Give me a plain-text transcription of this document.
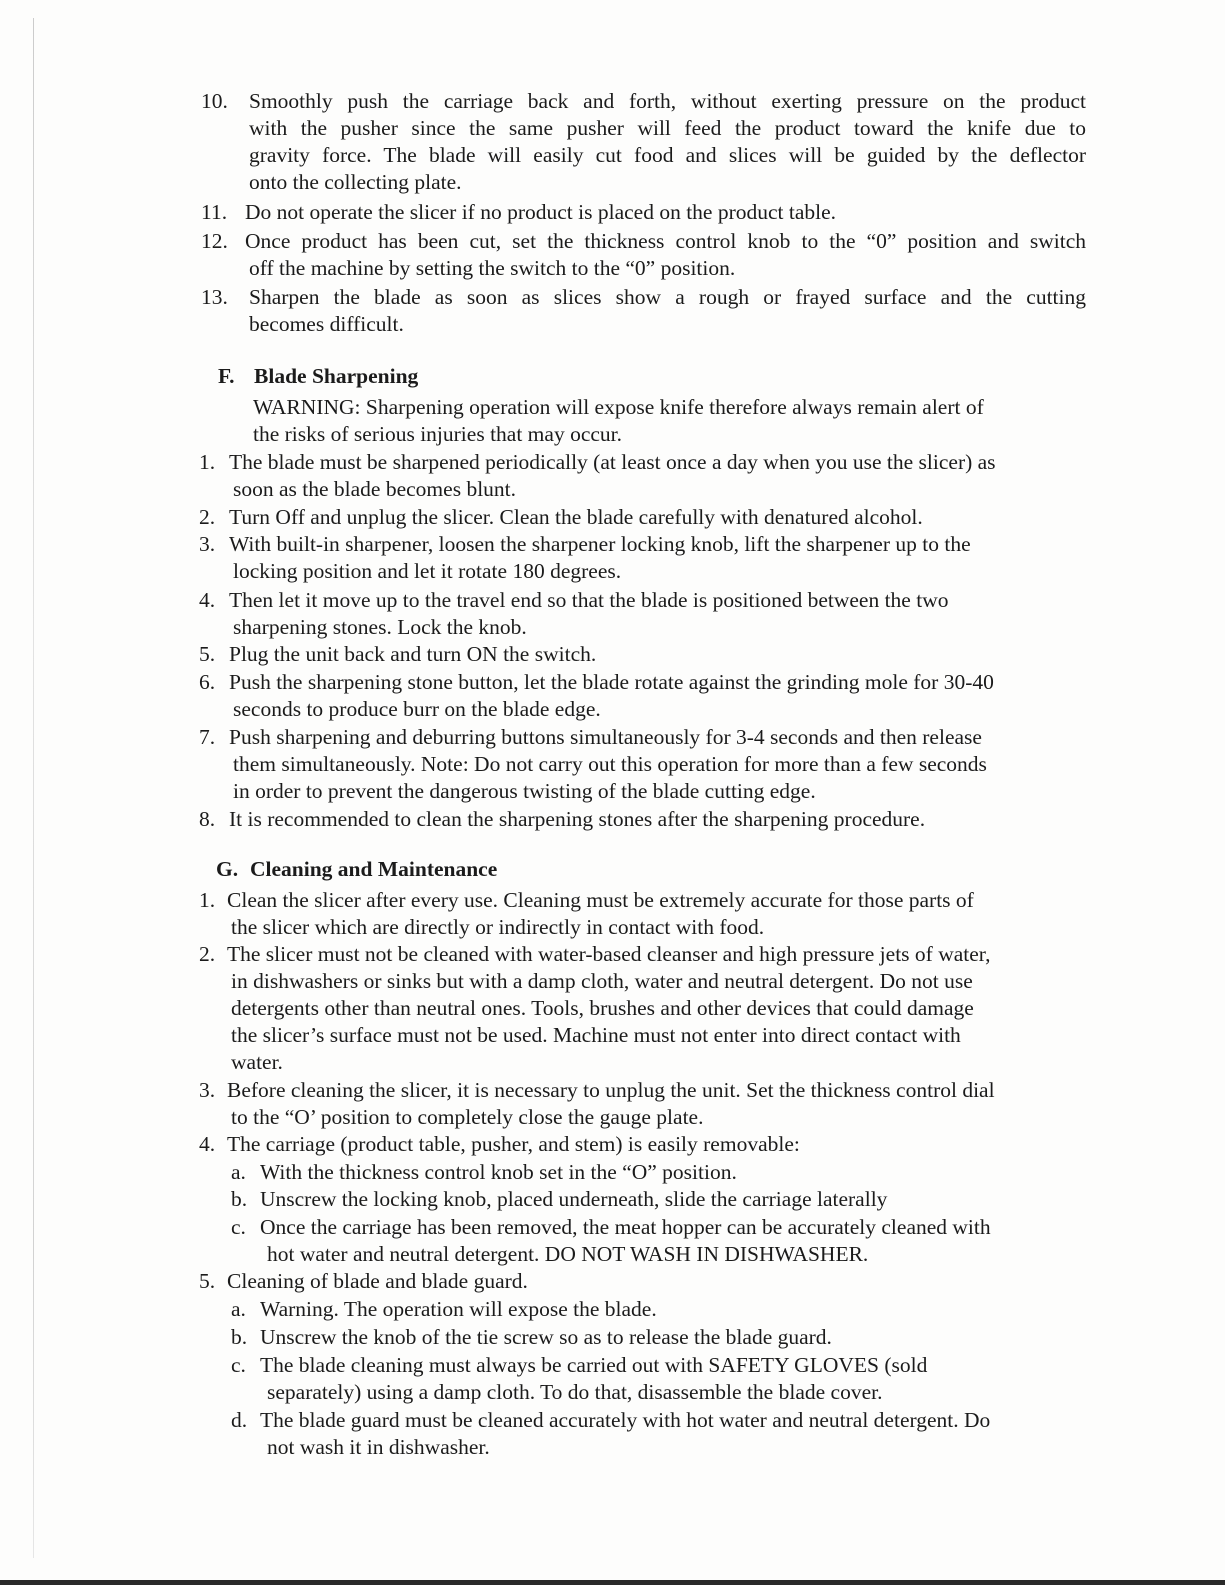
10. Smoothly push the carriage back and forth, without exerting pressure on the product
with the pusher since the same pusher will feed the product toward the knife due to
gravity force. The blade will easily cut food and slices will be guided by the deflector
onto the collecting plate.
11. Do not operate the slicer if no product is placed on the product table.
12. Once product has been cut, set the thickness control knob to the “0” position and switch
off the machine by setting the switch to the “0” position.
13. Sharpen the blade as soon as slices show a rough or frayed surface and the cutting
becomes difficult.
F. Blade Sharpening
WARNING: Sharpening operation will expose knife therefore always remain alert of
the risks of serious injuries that may occur.
1. The blade must be sharpened periodically (at least once a day when you use the slicer) as
soon as the blade becomes blunt.
2. Turn Off and unplug the slicer. Clean the blade carefully with denatured alcohol.
3. With built-in sharpener, loosen the sharpener locking knob, lift the sharpener up to the
locking position and let it rotate 180 degrees.
4. Then let it move up to the travel end so that the blade is positioned between the two
sharpening stones. Lock the knob.
5. Plug the unit back and turn ON the switch.
6. Push the sharpening stone button, let the blade rotate against the grinding mole for 30-40
seconds to produce burr on the blade edge.
7. Push sharpening and deburring buttons simultaneously for 3-4 seconds and then release
them simultaneously. Note: Do not carry out this operation for more than a few seconds
in order to prevent the dangerous twisting of the blade cutting edge.
8. It is recommended to clean the sharpening stones after the sharpening procedure.
G. Cleaning and Maintenance
1. Clean the slicer after every use. Cleaning must be extremely accurate for those parts of
the slicer which are directly or indirectly in contact with food.
2. The slicer must not be cleaned with water-based cleanser and high pressure jets of water,
in dishwashers or sinks but with a damp cloth, water and neutral detergent. Do not use
detergents other than neutral ones. Tools, brushes and other devices that could damage
the slicer’s surface must not be used. Machine must not enter into direct contact with
water.
3. Before cleaning the slicer, it is necessary to unplug the unit. Set the thickness control dial
to the “O’ position to completely close the gauge plate.
4. The carriage (product table, pusher, and stem) is easily removable:
a. With the thickness control knob set in the “O” position.
b. Unscrew the locking knob, placed underneath, slide the carriage laterally
c. Once the carriage has been removed, the meat hopper can be accurately cleaned with
hot water and neutral detergent. DO NOT WASH IN DISHWASHER.
5. Cleaning of blade and blade guard.
a. Warning. The operation will expose the blade.
b. Unscrew the knob of the tie screw so as to release the blade guard.
c. The blade cleaning must always be carried out with SAFETY GLOVES (sold
separately) using a damp cloth. To do that, disassemble the blade cover.
d. The blade guard must be cleaned accurately with hot water and neutral detergent. Do
not wash it in dishwasher.
